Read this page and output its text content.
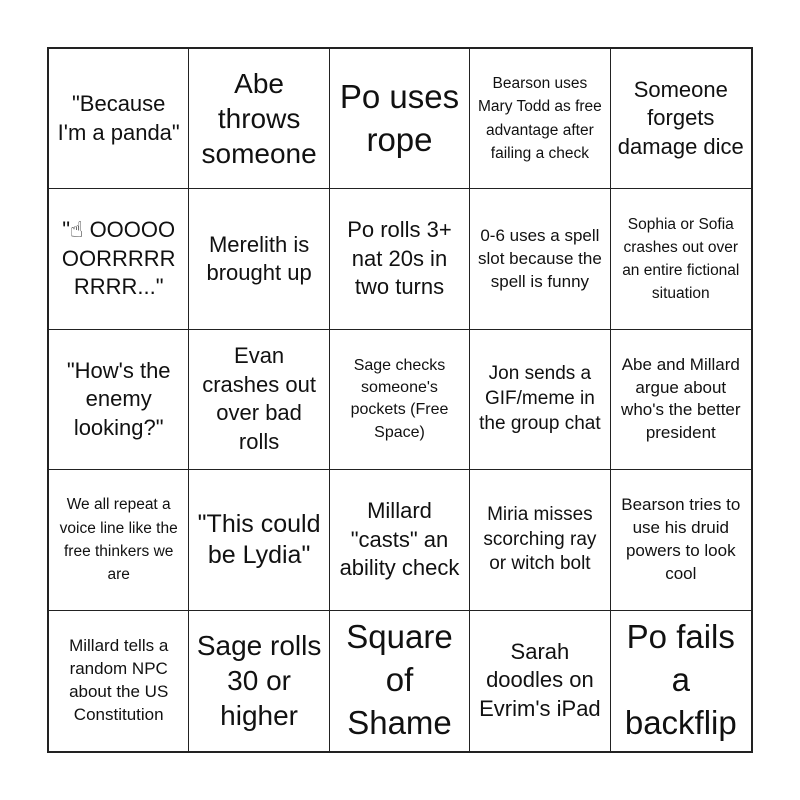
"Because I'm a panda"
Abe throws someone
Po uses rope
Bearson uses Mary Todd as free advantage after failing a check
Someone forgets damage dice
"☝ OOOOOOORRRRRRRRR..."
Merelith is brought up
Po rolls 3+ nat 20s in two turns
0-6 uses a spell slot because the spell is funny
Sophia or Sofia crashes out over an entire fictional situation
"How's the enemy looking?"
Evan crashes out over bad rolls
Sage checks someone's pockets (Free Space)
Jon sends a GIF/meme in the group chat
Abe and Millard argue about who's the better president
We all repeat a voice line like the free thinkers we are
"This could be Lydia"
Millard "casts" an ability check
Miria misses scorching ray or witch bolt
Bearson tries to use his druid powers to look cool
Millard tells a random NPC about the US Constitution
Sage rolls 30 or higher
Square of Shame
Sarah doodles on Evrim's iPad
Po fails a backflip
